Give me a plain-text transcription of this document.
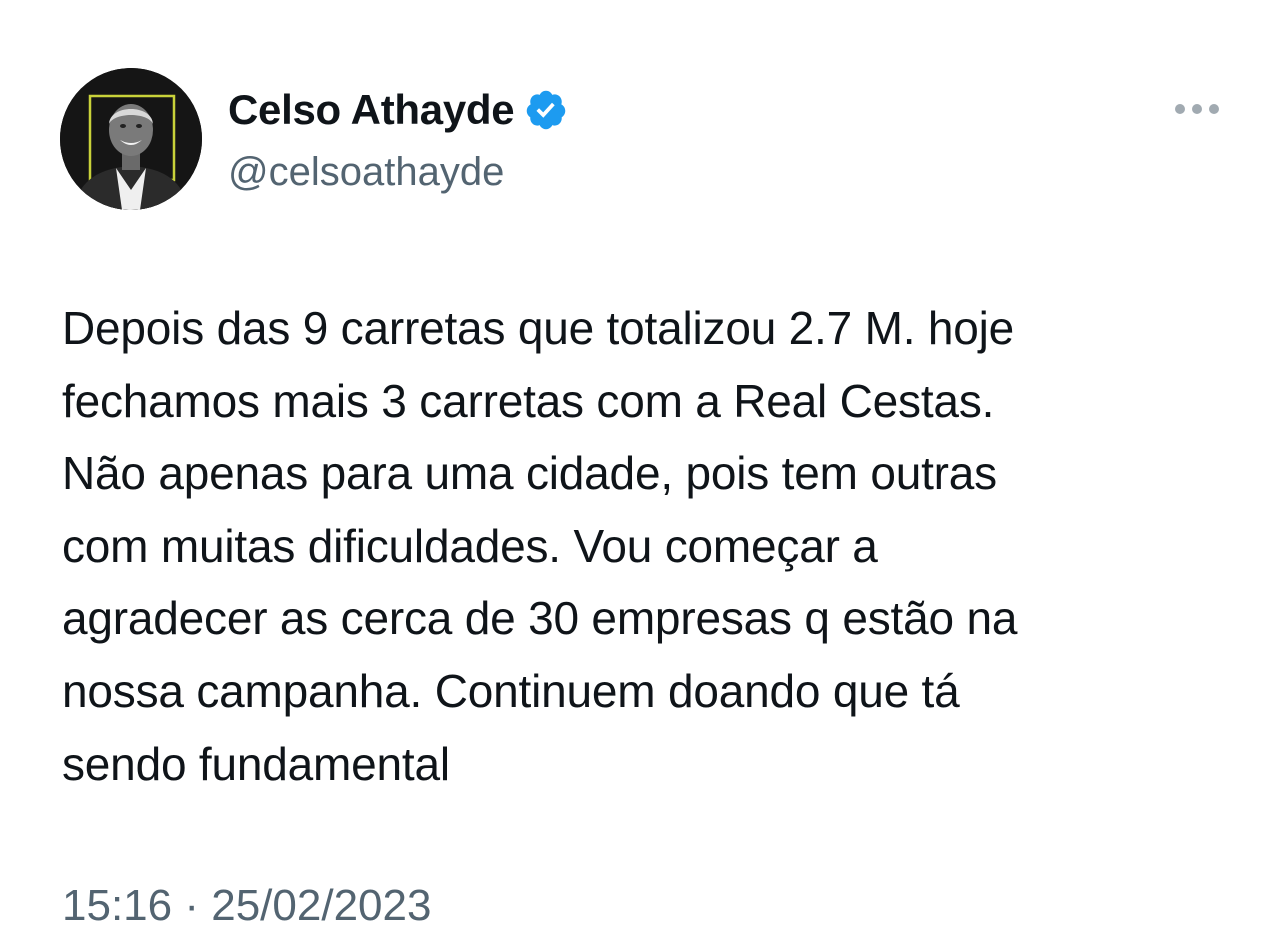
Celso Athayde
@celsoathayde
Depois das 9 carretas que totalizou 2.7 M. hoje
fechamos mais 3 carretas com a Real Cestas.
Não apenas para uma cidade, pois tem outras
com muitas dificuldades. Vou começar a
agradecer as cerca de 30 empresas q estão na
nossa campanha. Continuem doando que tá
sendo fundamental
15:16 · 25/02/2023
